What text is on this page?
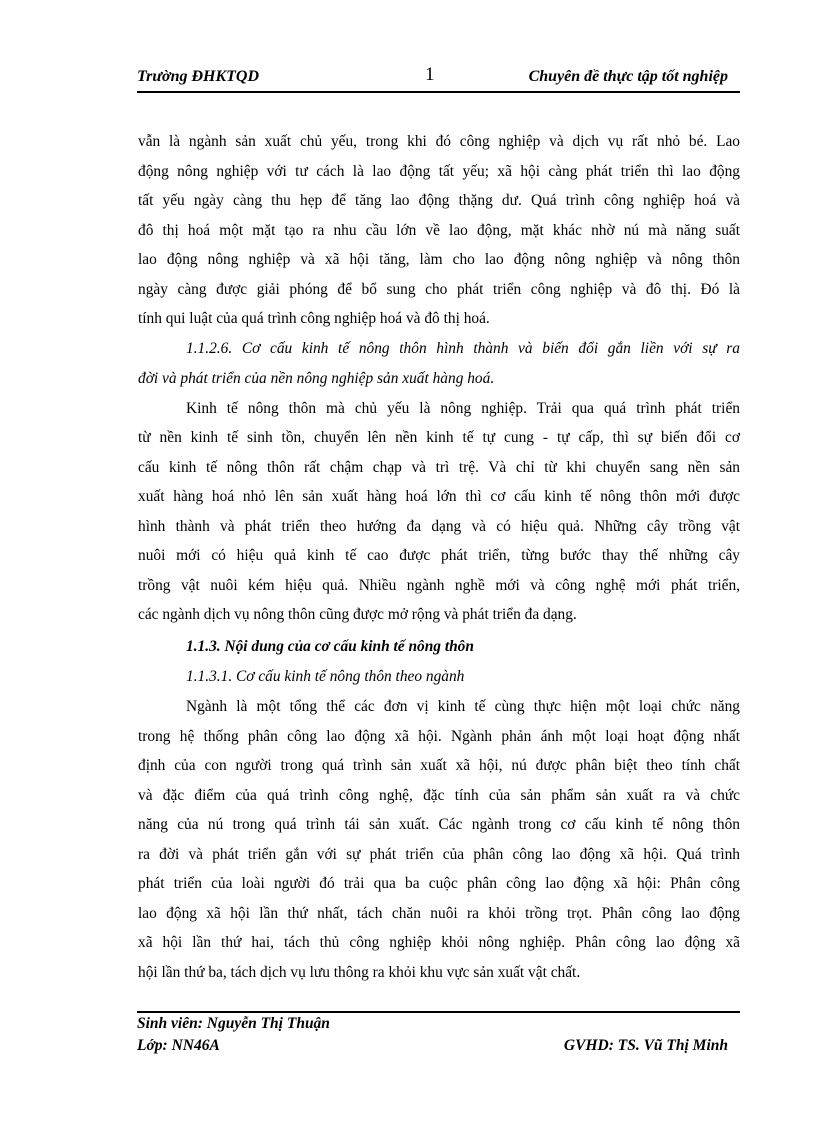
Trường ĐHKTQD	1	Chuyên đề thực tập tốt nghiệp
vẫn là ngành sản xuất chủ yếu, trong khi đó công nghiệp và dịch vụ rất nhỏ bé. Lao
động nông nghiệp với tư cách là lao động tất yếu; xã hội càng phát triển thì lao động
tất yếu ngày càng thu hẹp để tăng lao động thặng dư. Quá trình công nghiệp hoá và
đô thị hoá một mặt tạo ra nhu cầu lớn về lao động, mặt khác nhờ nú mà năng suất
lao động nông nghiệp và xã hội tăng, làm cho lao động nông nghiệp và nông thôn
ngày càng được giải phóng để bổ sung cho phát triển công nghiệp và đô thị. Đó là
tính qui luật của quá trình công nghiệp hoá và đô thị hoá.
1.1.2.6. Cơ cấu kinh tế nông thôn hình thành và biến đổi gắn liền với sự ra
đời và phát triển của nền nông nghiệp sản xuất hàng hoá.
Kinh tế nông thôn mà chủ yếu là nông nghiệp. Trải qua quá trình phát triển
từ nền kinh tế sinh tồn, chuyển lên nền kinh tế tự cung - tự cấp, thì sự biến đổi cơ
cấu kinh tế nông thôn rất chậm chạp và trì trệ. Và chỉ từ khi chuyển sang nền sản
xuất hàng hoá nhỏ lên sản xuất hàng hoá lớn thì cơ cấu kinh tế nông thôn mới được
hình thành và phát triển theo hướng đa dạng và có hiệu quả. Những cây trồng vật
nuôi mới có hiệu quả kinh tế cao được phát triển, từng bước thay thế những cây
trồng vật nuôi kém hiệu quả. Nhiều ngành nghề mới và công nghệ mới phát triển,
các ngành dịch vụ nông thôn cũng được mở rộng và phát triển đa dạng.
1.1.3. Nội dung của cơ cấu kinh tế nông thôn
1.1.3.1. Cơ cấu kinh tế nông thôn theo ngành
Ngành là một tổng thể các đơn vị kinh tế cùng thực hiện một loại chức năng
trong hệ thống phân công lao động xã hội. Ngành phản ánh một loại hoạt động nhất
định của con người trong quá trình sản xuất xã hội, nú được phân biệt theo tính chất
và đặc điểm của quá trình công nghệ, đặc tính của sản phẩm sản xuất ra và chức
năng của nú trong quá trình tái sản xuất. Các ngành trong cơ cấu kinh tế nông thôn
ra đời và phát triển gắn với sự phát triển của phân công lao động xã hội. Quá trình
phát triển của loài người đó trải qua ba cuộc phân công lao động xã hội: Phân công
lao động xã hội lần thứ nhất, tách chăn nuôi ra khỏi trồng trọt. Phân công lao động
xã hội lần thứ hai, tách thủ công nghiệp khỏi nông nghiệp. Phân công lao động xã
hội lần thứ ba, tách dịch vụ lưu thông ra khỏi khu vực sản xuất vật chất.
Sinh viên: Nguyễn Thị Thuận
Lớp: NN46A	GVHD: TS. Vũ Thị Minh
